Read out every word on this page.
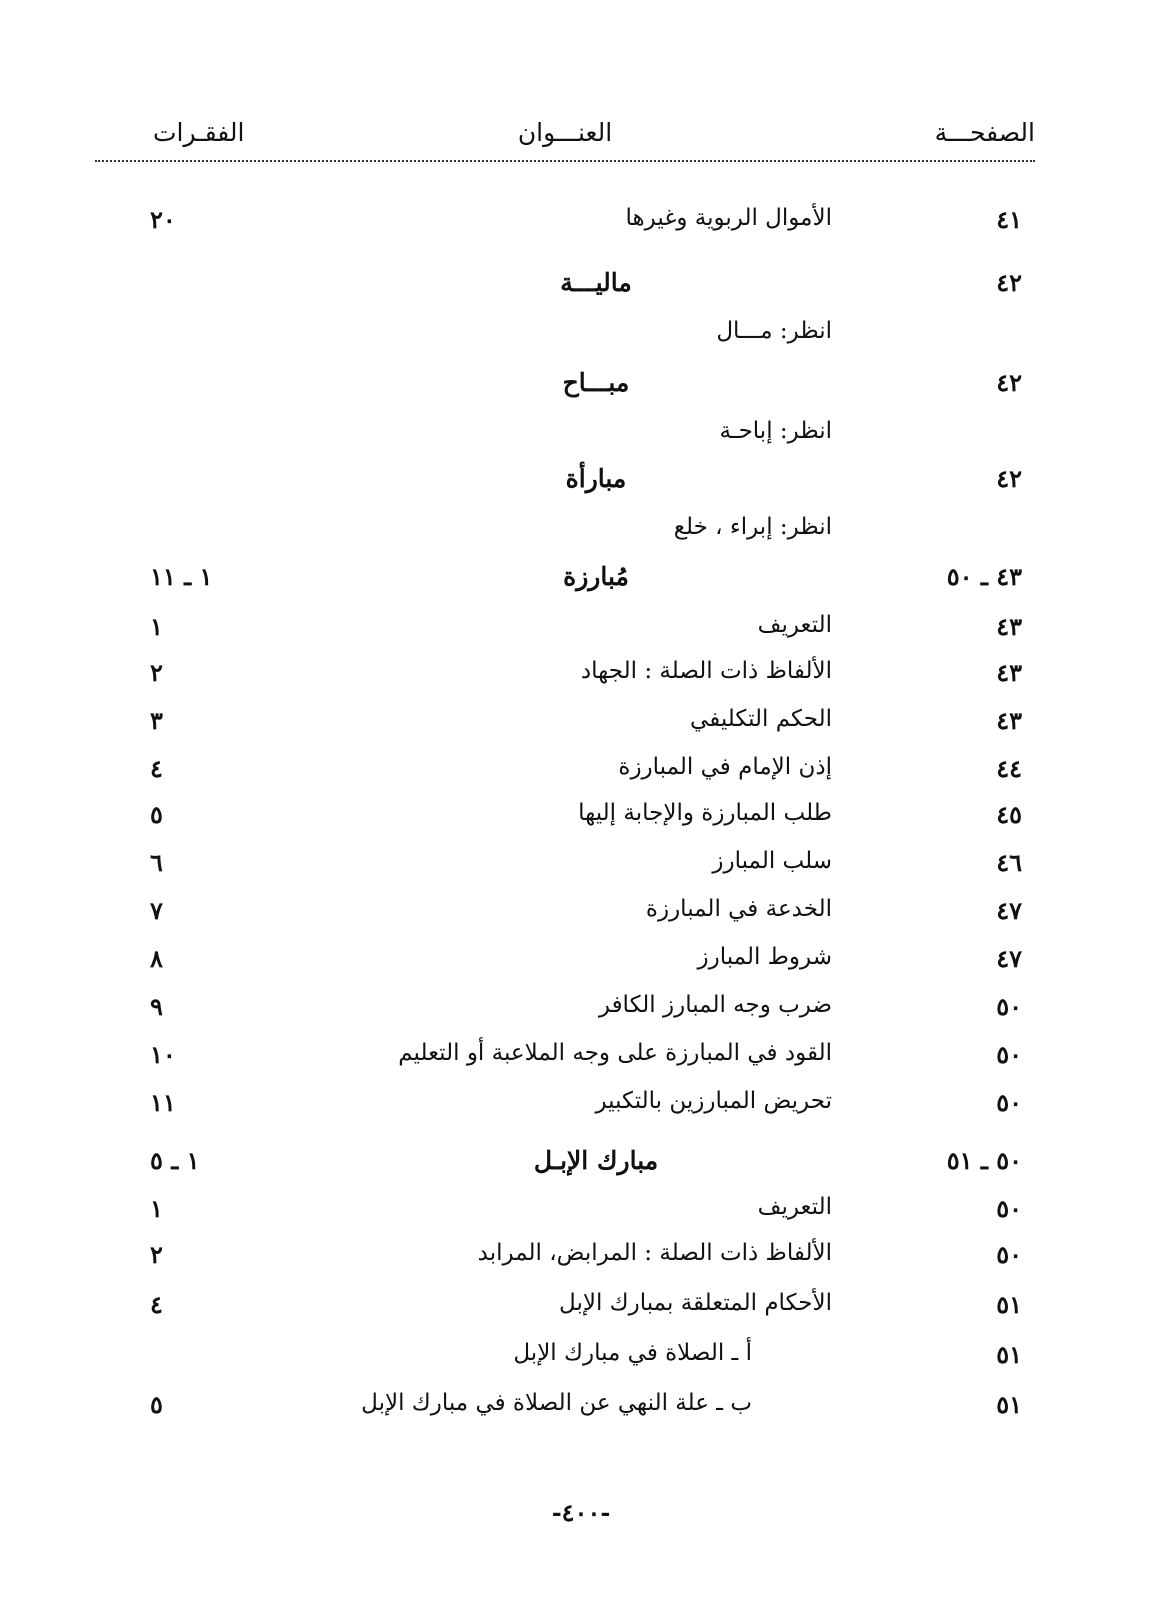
الصفحـــة
العنـــوان
الفقـرات
٤١
الأموال الربوية وغيرها
٢٠
٤٢
ماليـــة
انظر: مـــال
٤٢
مبـــاح
انظر: إباحـة
٤٢
مبارأة
انظر: إبراء ، خلع
٤٣ ـ ٥٠
مُبارزة
١ ـ ١١
٤٣
التعريف
١
٤٣
الألفاظ ذات الصلة : الجهاد
٢
٤٣
الحكم التكليفي
٣
٤٤
إذن الإمام في المبارزة
٤
٤٥
طلب المبارزة والإجابة إليها
٥
٤٦
سلب المبارز
٦
٤٧
الخدعة في المبارزة
٧
٤٧
شروط المبارز
٨
٥٠
ضرب وجه المبارز الكافر
٩
٥٠
القود في المبارزة على وجه الملاعبة أو التعليم
١٠
٥٠
تحريض المبارزين بالتكبير
١١
٥٠ ـ ٥١
مبارك الإبـل
١ ـ ٥
٥٠
التعريف
١
٥٠
الألفاظ ذات الصلة : المرابض، المرابد
٢
٥١
الأحكام المتعلقة بمبارك الإبل
٤
٥١
أ ـ الصلاة في مبارك الإبل
٥١
ب ـ علة النهي عن الصلاة في مبارك الإبل
٥
-٤٠٠-
